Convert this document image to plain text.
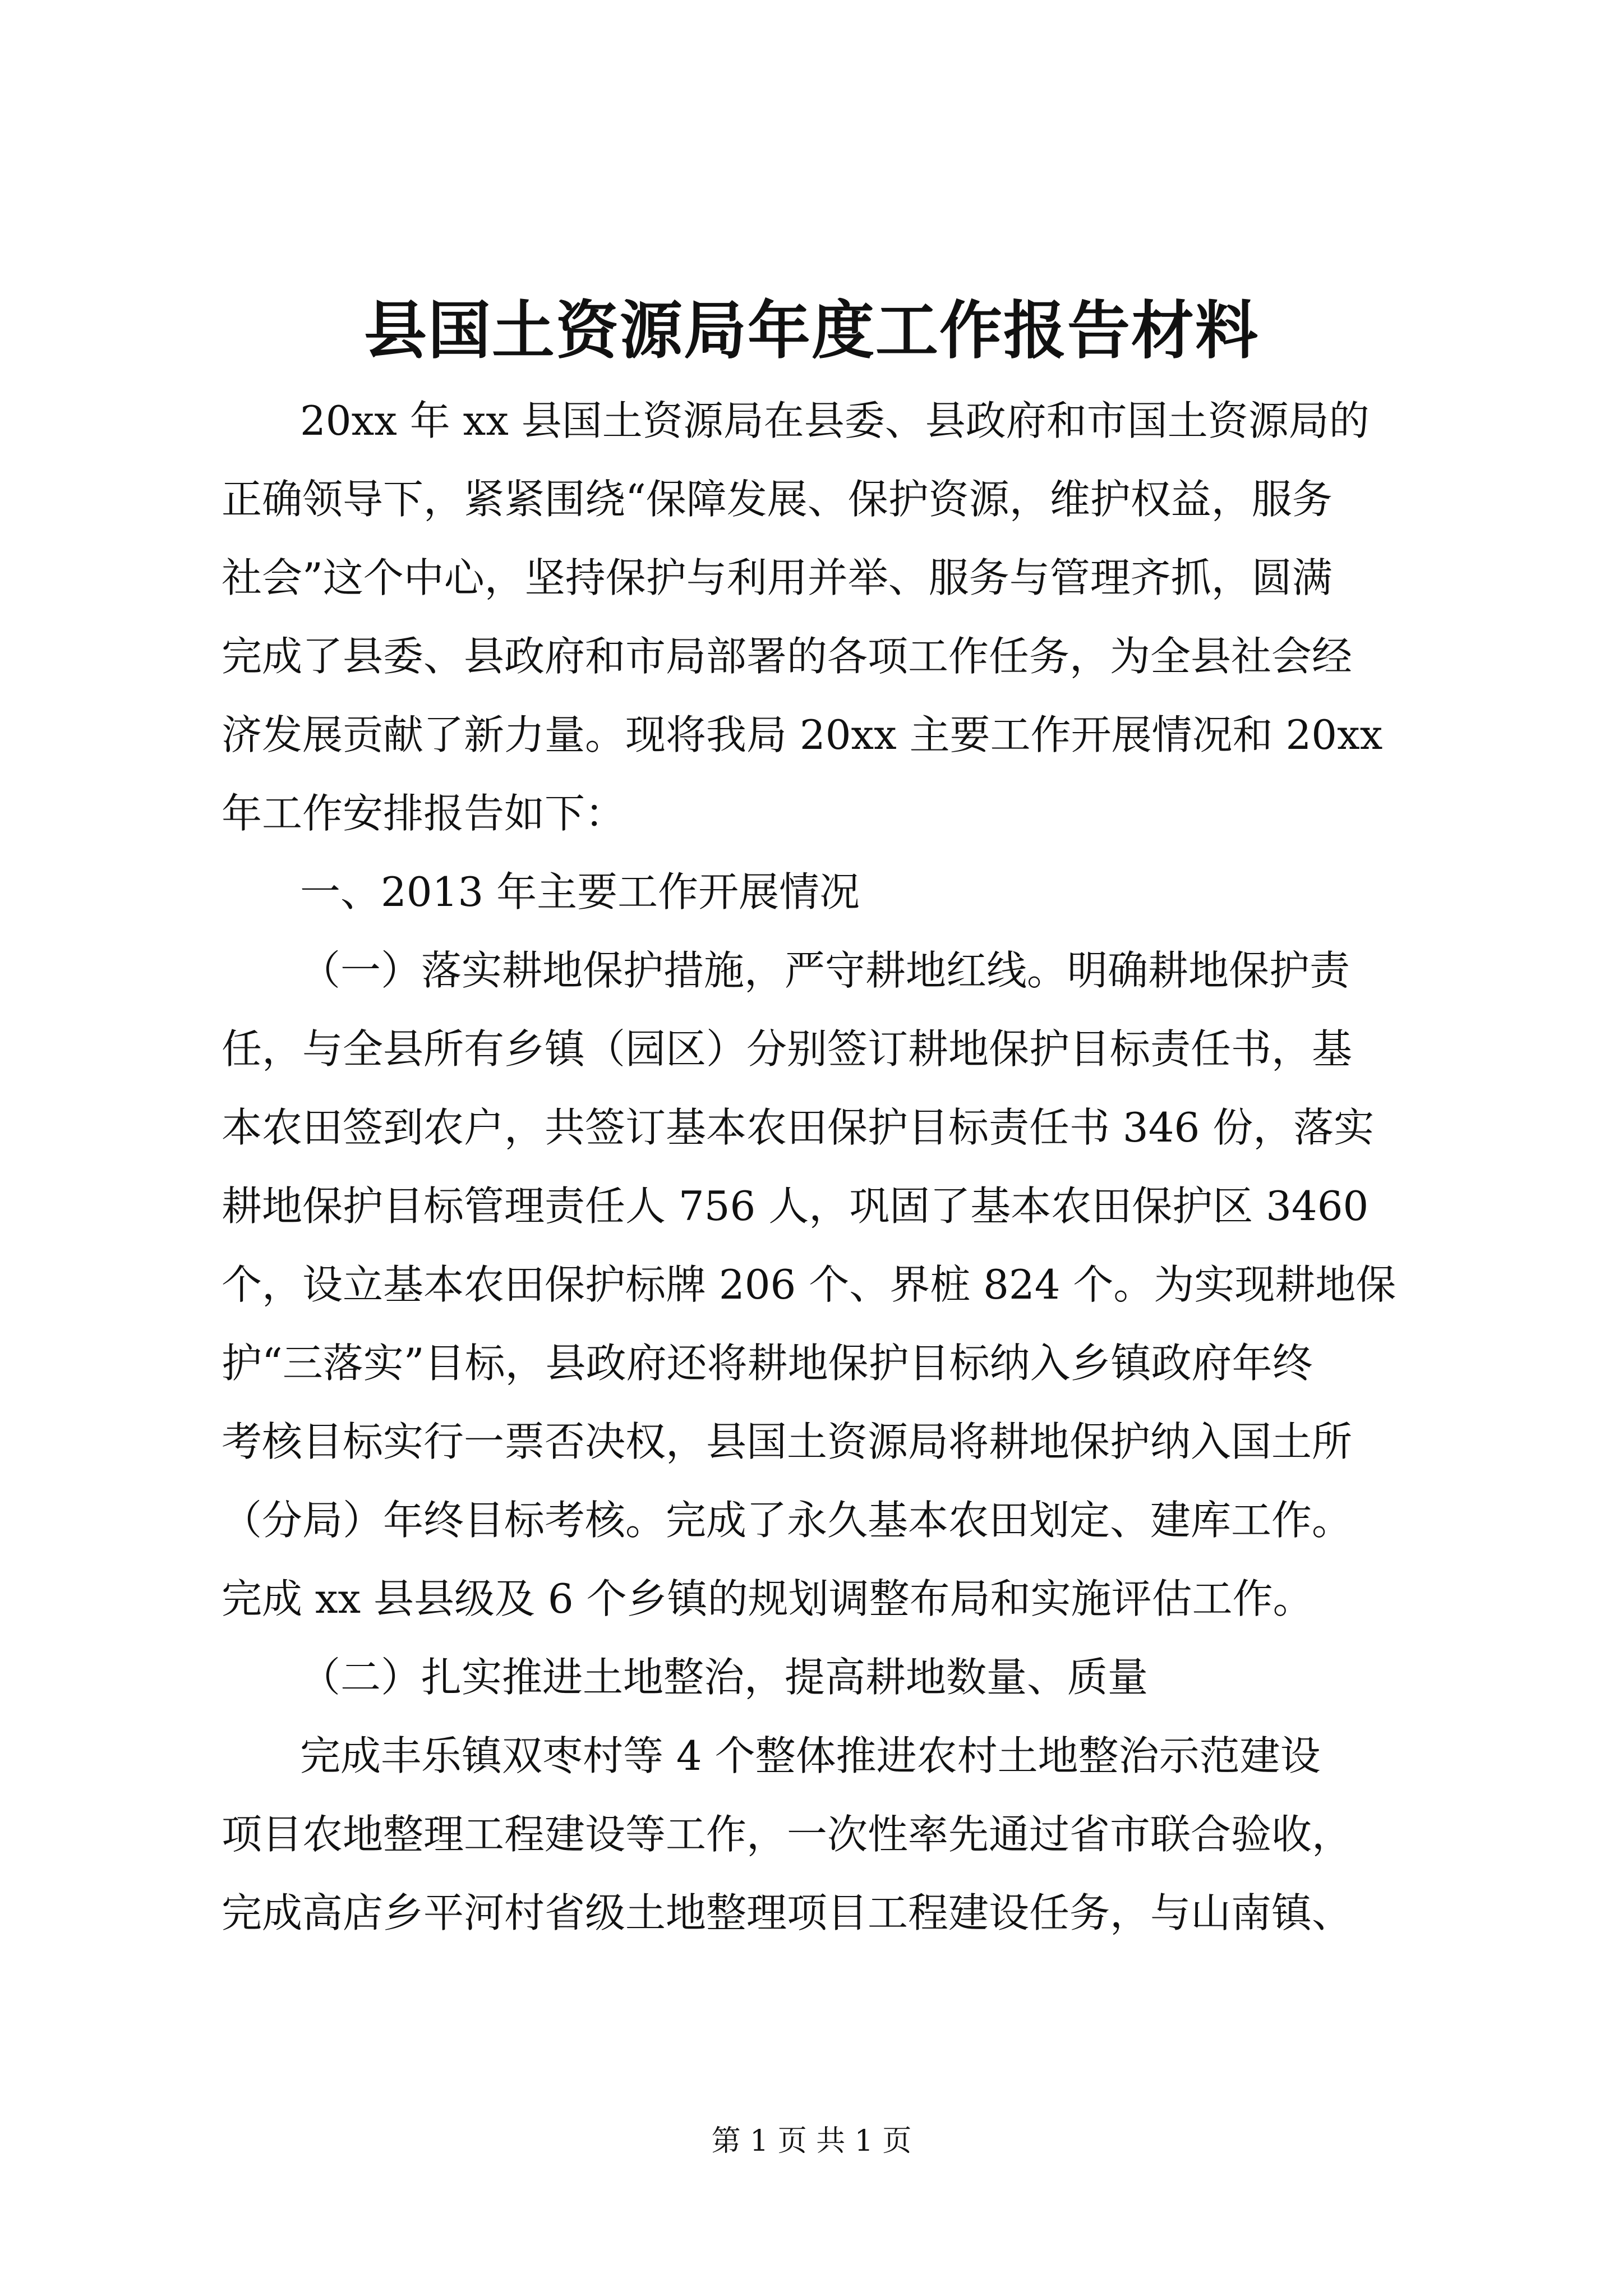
县国土资源局年度工作报告材料
20xx 年 xx 县国土资源局在县委、县政府和市国土资源局的
正确领导下，紧紧围绕“保障发展、保护资源，维护权益，服务
社会”这个中心，坚持保护与利用并举、服务与管理齐抓，圆满
完成了县委、县政府和市局部署的各项工作任务，为全县社会经
济发展贡献了新力量。现将我局 20xx 主要工作开展情况和 20xx
年工作安排报告如下：
一、2013 年主要工作开展情况
（一）落实耕地保护措施，严守耕地红线。明确耕地保护责
任，与全县所有乡镇（园区）分别签订耕地保护目标责任书，基
本农田签到农户，共签订基本农田保护目标责任书 346 份，落实
耕地保护目标管理责任人 756 人，巩固了基本农田保护区 3460
个，设立基本农田保护标牌 206 个、界桩 824 个。为实现耕地保
护“三落实”目标，县政府还将耕地保护目标纳入乡镇政府年终
考核目标实行一票否决权，县国土资源局将耕地保护纳入国土所
（分局）年终目标考核。完成了永久基本农田划定、建库工作。
完成 xx 县县级及 6 个乡镇的规划调整布局和实施评估工作。
（二）扎实推进土地整治，提高耕地数量、质量
完成丰乐镇双枣村等 4 个整体推进农村土地整治示范建设
项目农地整理工程建设等工作，一次性率先通过省市联合验收，
完成高店乡平河村省级土地整理项目工程建设任务，与山南镇、
第 1 页 共 1 页
